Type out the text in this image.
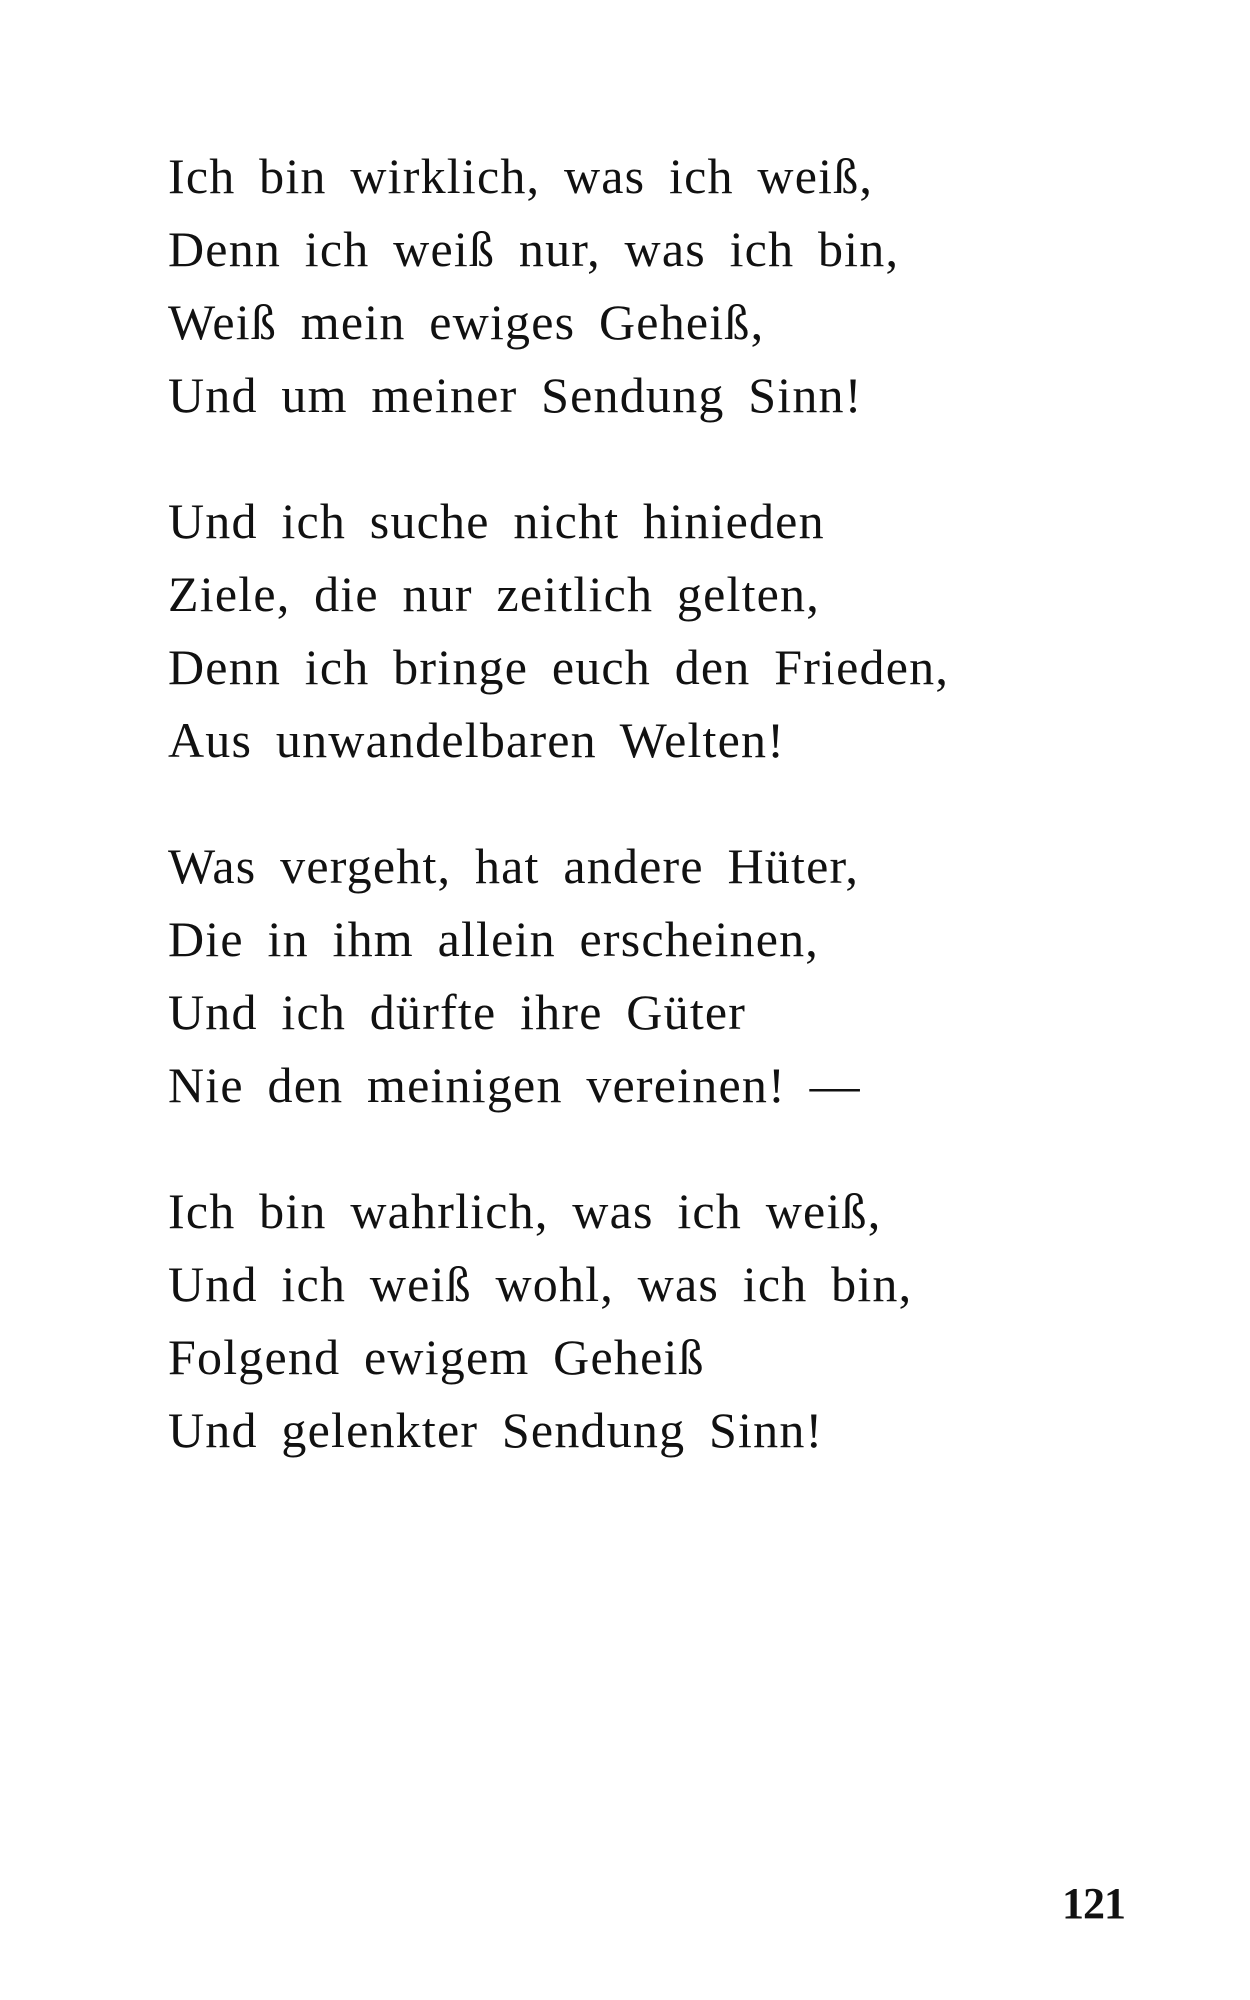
Ich bin wirklich, was ich weiß,
Denn ich weiß nur, was ich bin,
Weiß mein ewiges Geheiß,
Und um meiner Sendung Sinn!
Und ich suche nicht hinieden
Ziele, die nur zeitlich gelten,
Denn ich bringe euch den Frieden,
Aus unwandelbaren Welten!
Was vergeht, hat andere Hüter,
Die in ihm allein erscheinen,
Und ich dürfte ihre Güter
Nie den meinigen vereinen! —
Ich bin wahrlich, was ich weiß,
Und ich weiß wohl, was ich bin,
Folgend ewigem Geheiß
Und gelenkter Sendung Sinn!
121
